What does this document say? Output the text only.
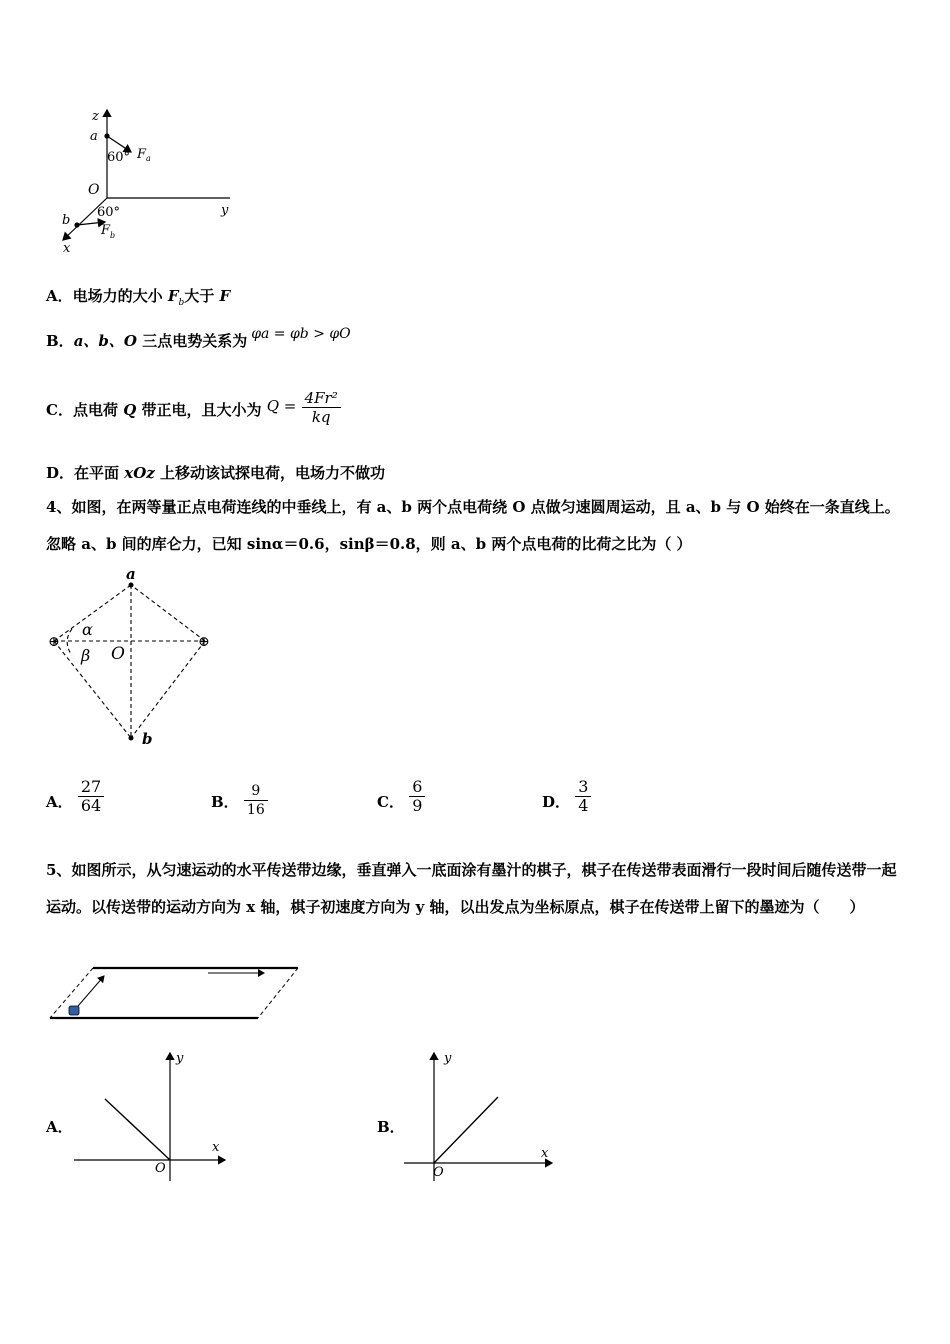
z
a
60° F a
O
y
b
60°
F b
x
A．电场力的大小 $F_b$大于 F
B．a、b、O 三点电势关系为 φa = φb > φO
C．点电荷 Q 带正电，且大小为 $Q = \frac{\text{4Fr²}}{kq}$
D．在平面 xOz 上移动该试探电荷，电场力不做功
4、如图，在两等量正点电荷连线的中垂线上，有 a、b 两个点电荷绕 O 点做匀速圆周运动，且 a、b 与 O 始终在一条直线上。忽略 a、b 间的库仑力，已知 sinα＝0.6，sinβ＝0.8，则 a、b 两个点电荷的比荷之比为（ ）
⊕	⊕
a
b
O
α
β
A． $\frac{27}{64}$	B． $\frac{9}{16}$	C． $\frac{6}{9}$	D． $\frac{3}{4}$
5、如图所示，从匀速运动的水平传送带边缘，垂直弹入一底面涂有墨汁的棋子，棋子在传送带表面滑行一段时间后随传送带一起运动。以传送带的运动方向为 x 轴，棋子初速度方向为 y 轴，以出发点为坐标原点，棋子在传送带上留下的墨迹为（　　）
A．
y
x
O
B．
y
x
O
